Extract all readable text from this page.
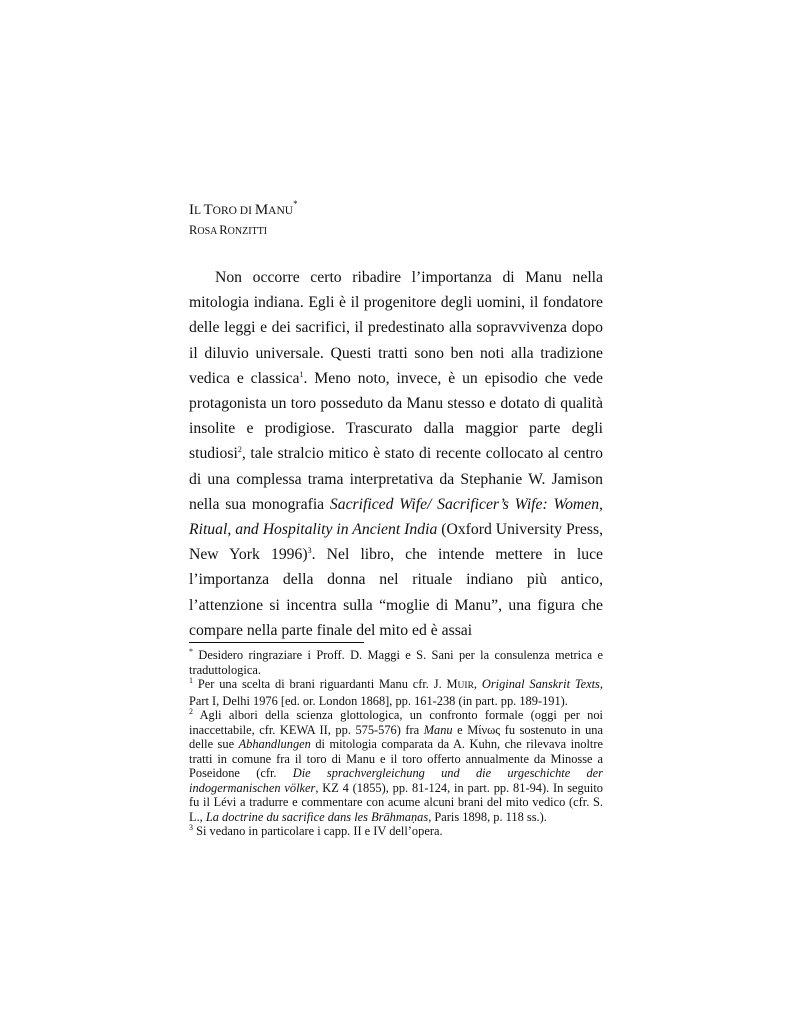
IL TORO DI MANU*
ROSA RONZITTI

Non occorre certo ribadire l’importanza di Manu nella mitologia indiana. Egli è il progenitore degli uomini, il fondatore delle leggi e dei sacrifici, il predestinato alla sopravvivenza dopo il diluvio universale. Questi tratti sono ben noti alla tradizione vedica e classica$^1$. Meno noto, invece, è un episodio che vede protagonista un toro posseduto da Manu stesso e dotato di qualità insolite e prodigiose. Trascurato dalla maggior parte degli studiosi$^2$, tale stralcio mitico è stato di recente collocato al centro di una complessa trama interpretativa da Stephanie W. Jamison nella sua monografia Sacrificed Wife/ Sacrificer’s Wife: Women, Ritual, and Hospitality in Ancient India (Oxford University Press, New York 1996)$^3$. Nel libro, che intende mettere in luce l’importanza della donna nel rituale indiano più antico, l’attenzione si incentra sulla “moglie di Manu”, una figura che compare nella parte finale del mito ed è assai

* Desidero ringraziare i Proff. D. Maggi e S. Sani per la consulenza metrica e traduttologica.

$^1$ Per una scelta di brani riguardanti Manu cfr. J. MUIR, Original Sanskrit Texts, Part I, Delhi 1976 [ed. or. London 1868], pp. 161-238 (in part. pp. 189-191).

$^2$ Agli albori della scienza glottologica, un confronto formale (oggi per noi inaccettabile, cfr. KEWA II, pp. 575-576) fra Manu e Μίνως fu sostenuto in una delle sue Abhandlungen di mitologia comparata da A. Kuhn, che rilevava inoltre tratti in comune fra il toro di Manu e il toro offerto annualmente da Minosse a Poseidone (cfr. Die sprachvergleichung und die urgeschichte der indogermanischen völker, KZ 4 (1855), pp. 81-124, in part. pp. 81-94). In seguito fu il Lévi a tradurre e commentare con acume alcuni brani del mito vedico (cfr. S. L., La doctrine du sacrifice dans les Brāhmaṇas, Paris 1898, p. 118 ss.).

$^3$ Si vedano in particolare i capp. II e IV dell’opera.
